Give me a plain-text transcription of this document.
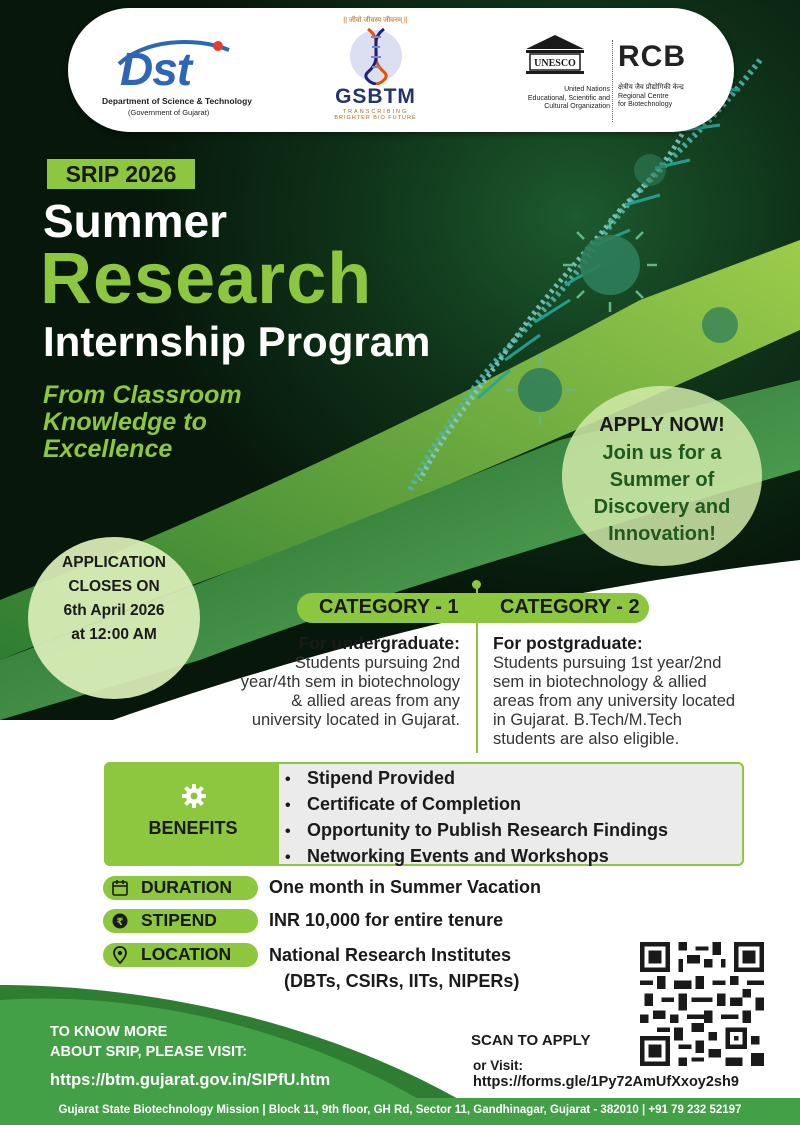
Dst
Department of Science & Technology
(Government of Gujarat)
|| जीवो जीवस्य जीवनम् ||
GSBTM
TRANSCRIBING
BRIGHTER BIO FUTURE
UNESCO
United Nations
Educational, Scientific and
Cultural Organization
RCB
क्षेत्रीय जैव प्रौद्योगिकी केन्द्र
Regional Centre
for Biotechnology
SRIP 2026
Summer
Research
Internship Program
From Classroom
Knowledge to
Excellence
APPLY NOW!
Join us for a
Summer of
Discovery and
Innovation!
APPLICATION
CLOSES ON
6th April 2026
at 12:00 AM
CATEGORY - 1 CATEGORY - 2
For undergraduate:
Students pursuing 2nd
year/4th sem in biotechnology
& allied areas from any
university located in Gujarat.
For postgraduate:
Students pursuing 1st year/2nd
sem in biotechnology & allied
areas from any university located
in Gujarat. B.Tech/M.Tech
students are also eligible.
BENEFITS
• Stipend Provided
• Certificate of Completion
• Opportunity to Publish Research Findings
• Networking Events and Workshops
DURATION One month in Summer Vacation
₹ STIPEND	INR 10,000 for entire tenure
LOCATION National Research Institutes
(DBTs, CSIRs, IITs, NIPERs)
TO KNOW MORE
ABOUT SRIP, PLEASE VISIT:
https://btm.gujarat.gov.in/SIPfU.htm
SCAN TO APPLY
or Visit:
https://forms.gle/1Py72AmUfXxoy2sh9
Gujarat State Biotechnology Mission | Block 11, 9th floor, GH Rd, Sector 11, Gandhinagar, Gujarat - 382010 | +91 79 232 52197
